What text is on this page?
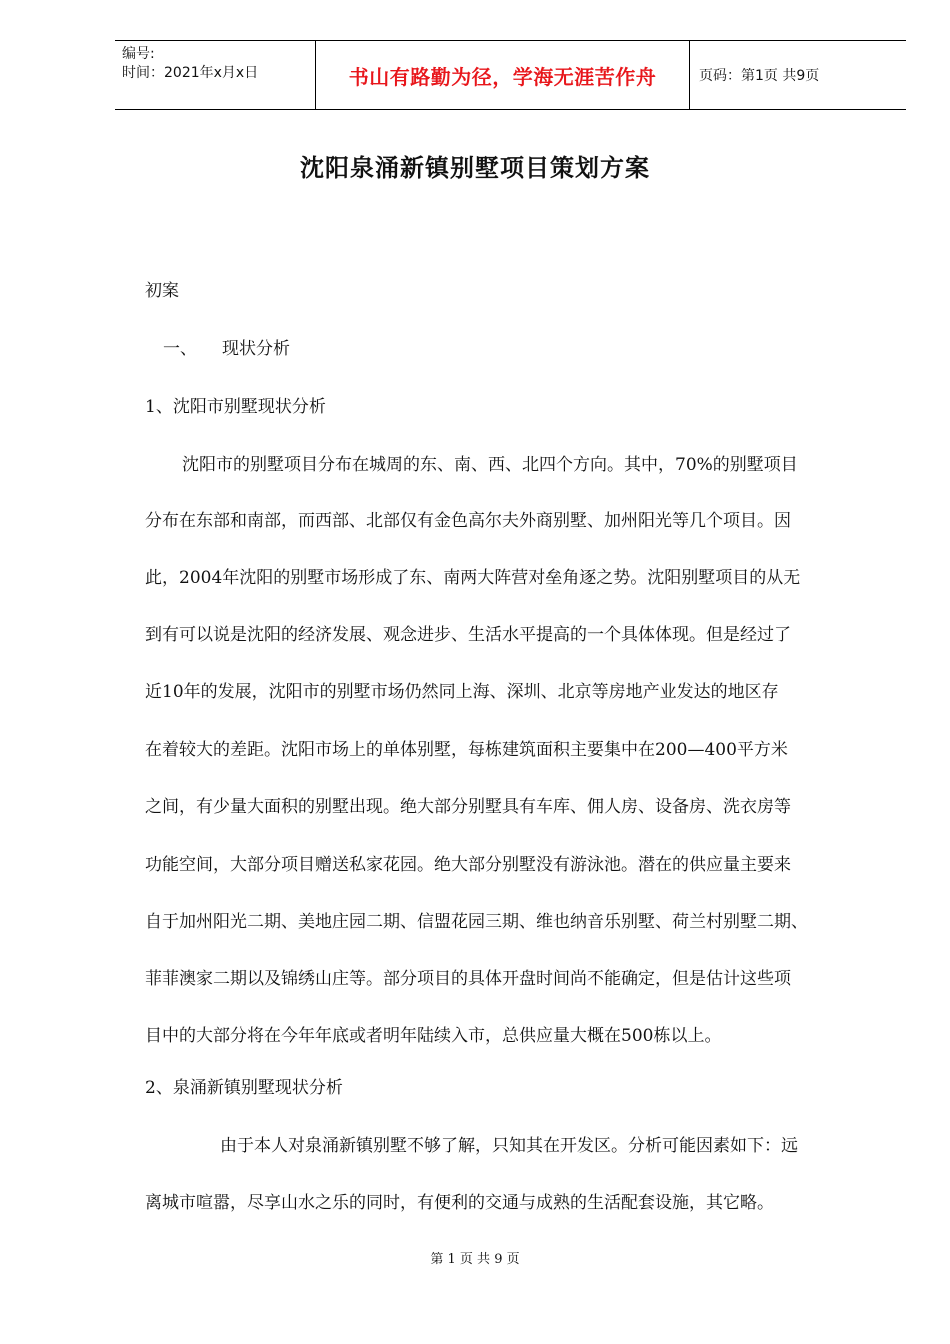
编号:
时间：2021年x月x日	书山有路勤为径，学海无涯苦作舟	页码：第1页 共9页
沈阳泉涌新镇别墅项目策划方案
初案
一、 现状分析
1、沈阳市别墅现状分析
沈阳市的别墅项目分布在城周的东、南、西、北四个方向。其中，70%的别墅项目
分布在东部和南部，而西部、北部仅有金色高尔夫外商别墅、加州阳光等几个项目。因
此，2004年沈阳的别墅市场形成了东、南两大阵营对垒角逐之势。沈阳别墅项目的从无
到有可以说是沈阳的经济发展、观念进步、生活水平提高的一个具体体现。但是经过了
近10年的发展，沈阳市的别墅市场仍然同上海、深圳、北京等房地产业发达的地区存
在着较大的差距。沈阳市场上的单体别墅，每栋建筑面积主要集中在200—400平方米
之间，有少量大面积的别墅出现。绝大部分别墅具有车库、佣人房、设备房、洗衣房等
功能空间，大部分项目赠送私家花园。绝大部分别墅没有游泳池。潜在的供应量主要来
自于加州阳光二期、美地庄园二期、信盟花园三期、维也纳音乐别墅、荷兰村别墅二期、
菲菲澳家二期以及锦绣山庄等。部分项目的具体开盘时间尚不能确定，但是估计这些项
目中的大部分将在今年年底或者明年陆续入市，总供应量大概在500栋以上。
2、泉涌新镇别墅现状分析
由于本人对泉涌新镇别墅不够了解，只知其在开发区。分析可能因素如下：远
离城市喧嚣，尽享山水之乐的同时，有便利的交通与成熟的生活配套设施，其它略。
第 1 页 共 9 页
